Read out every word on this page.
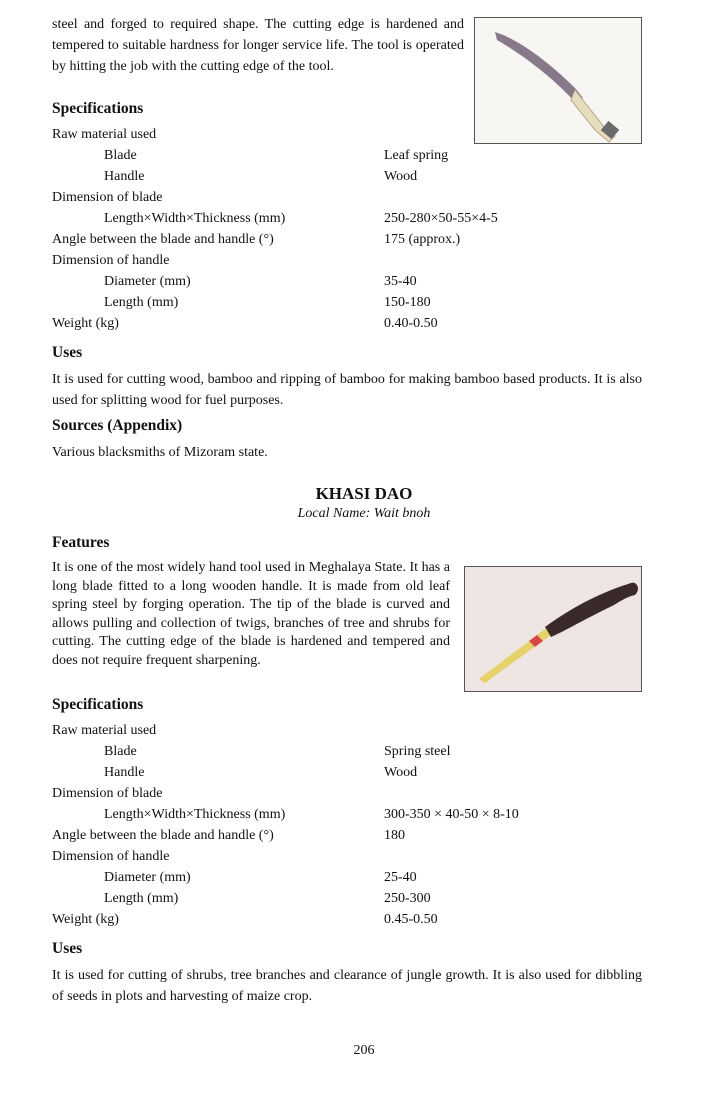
steel and forged to required shape. The cutting edge is hardened and tempered to suitable hardness for longer service life. The tool is operated by hitting the job with the cutting edge of the tool.

Specifications
Raw material used
Blade	Leaf spring
Handle	Wood
Dimension of blade
Length×Width×Thickness (mm)	250-280×50-55×4-5
Angle between the blade and handle (°)	175 (approx.)
Dimension of handle
Diameter (mm)	35-40
Length (mm)	150-180
Weight (kg)	0.40-0.50
Uses

It is used for cutting wood, bamboo and ripping of bamboo for making bamboo based products. It is also used for splitting wood for fuel purposes.

Sources (Appendix)

Various blacksmiths of Mizoram state.

KHASI DAO

Local Name: Wait bnoh

Features

It is one of the most widely hand tool used in Meghalaya State. It has a long blade fitted to a long wooden handle. It is made from old leaf spring steel by forging operation. The tip of the blade is curved and allows pulling and collection of twigs, branches of tree and shrubs for cutting. The cutting edge of the blade is hardened and tempered and does not require frequent sharpening.

Specifications
Raw material used
Blade	Spring steel
Handle	Wood
Dimension of blade
Length×Width×Thickness (mm)	300-350 × 40-50 × 8-10
Angle between the blade and handle (°)	180
Dimension of handle
Diameter (mm)	25-40
Length (mm)	250-300
Weight (kg)	0.45-0.50
Uses

It is used for cutting of shrubs, tree branches and clearance of jungle growth. It is also used for dibbling of seeds in plots and harvesting of maize crop.

206
